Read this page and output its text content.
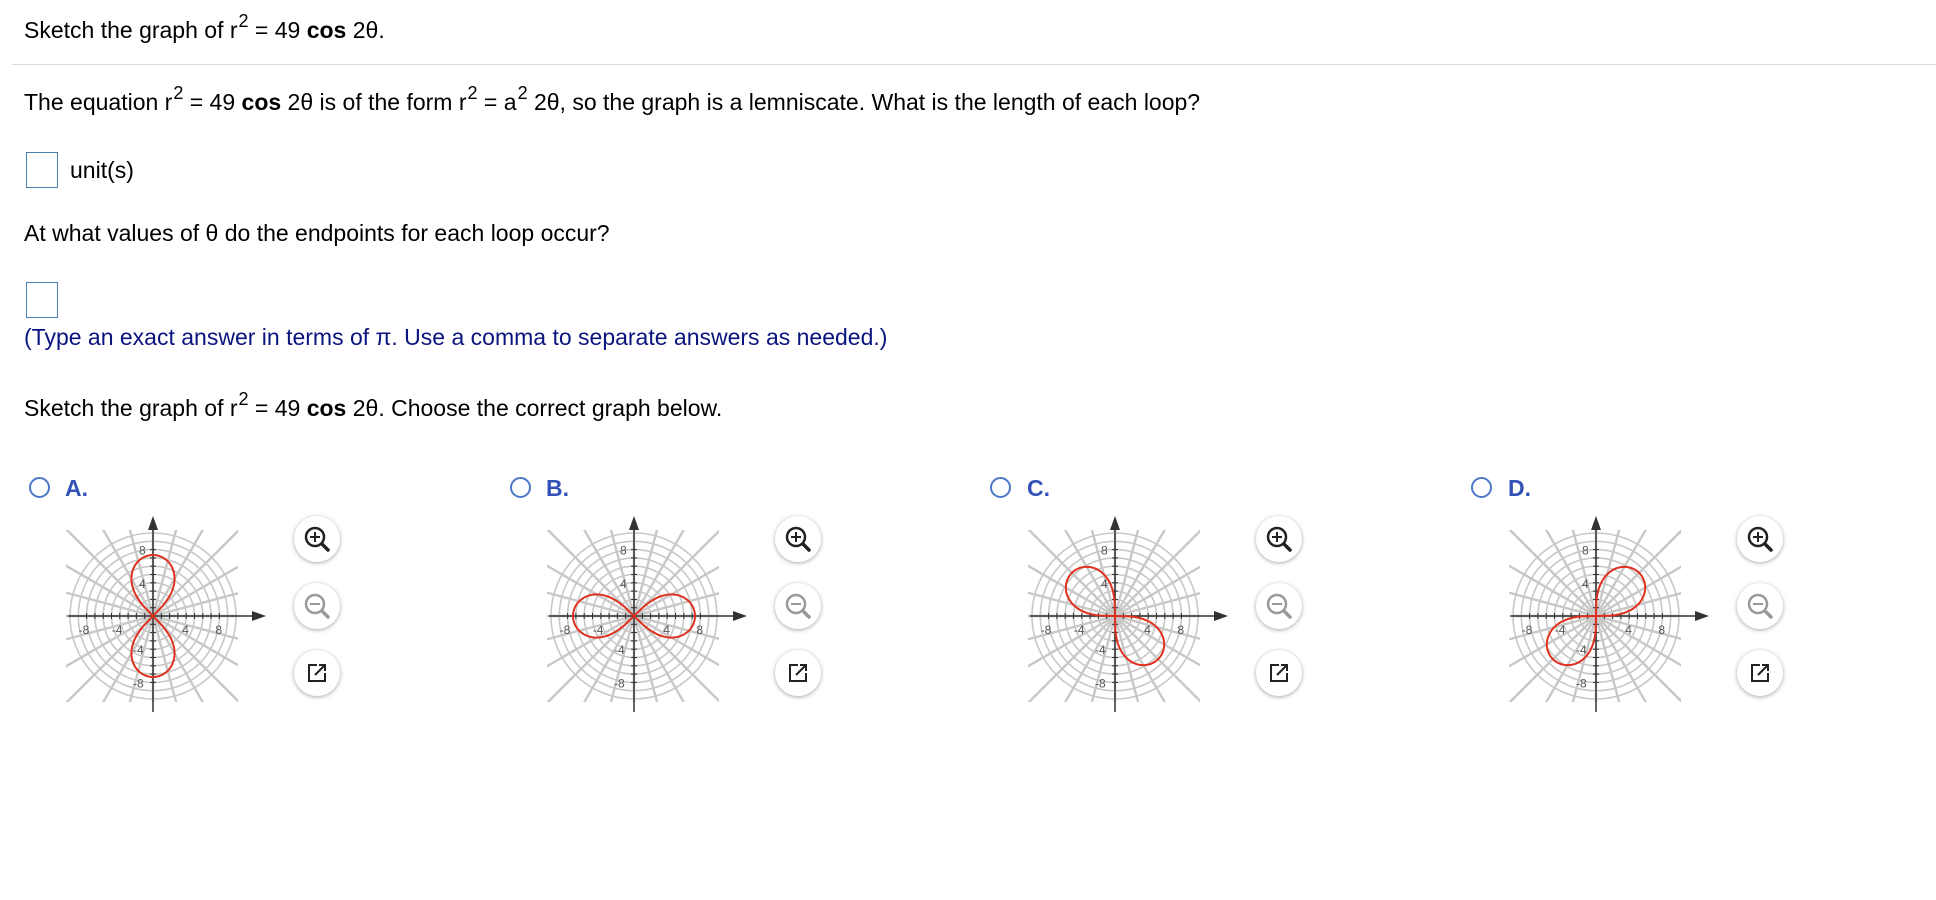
Sketch the graph of $r^2 = 49$ cos 2θ.
The equation $r^2 = 49$ cos 2θ is of the form $r^2 = a^2$ 2θ, so the graph is a lemniscate. What is the length of each loop?
unit(s)
At what values of θ do the endpoints for each loop occur?
(Type an exact answer in terms of π. Use a comma to separate answers as needed.)
Sketch the graph of $r^2 = 49$ cos 2θ. Choose the correct graph below.
A.
4 8
-4
-8
4
8
-4
-8
B.
4 8
-4
-8
4
8
-4
-8
C.
4 8
-4
-8
4
8
-4
-8
D.
4 8
-4
-8
4
8
-4
-8
